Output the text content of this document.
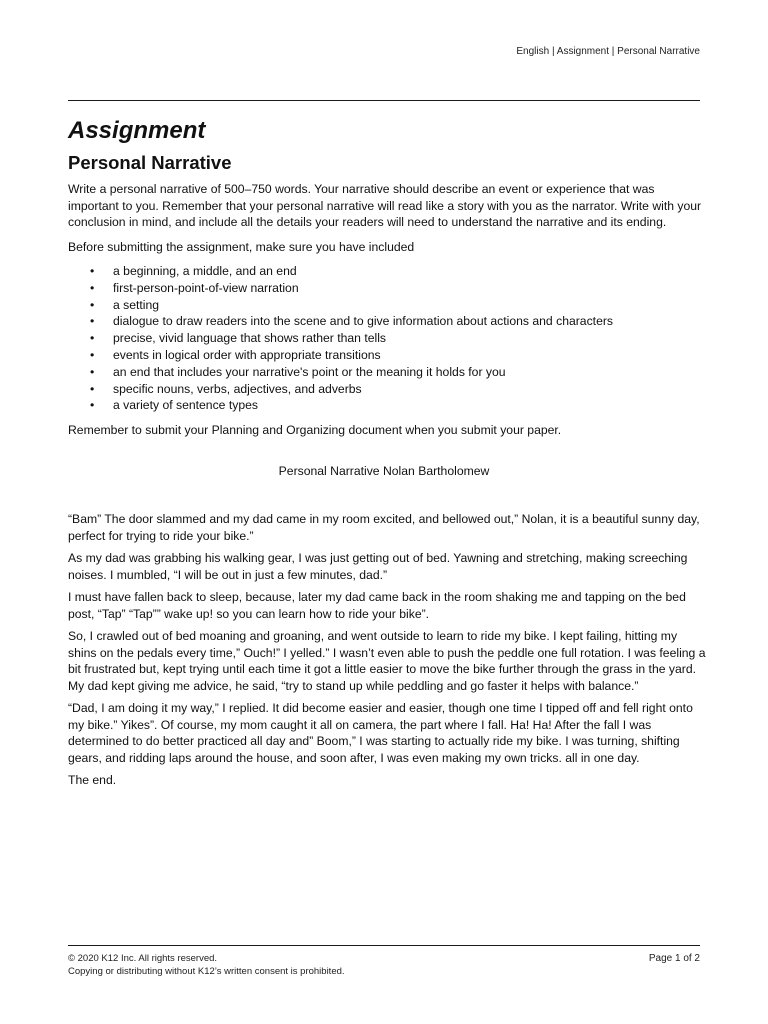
English | Assignment | Personal Narrative
Assignment
Personal Narrative

Write a personal narrative of 500–750 words. Your narrative should describe an event or experience that was important to you. Remember that your personal narrative will read like a story with you as the narrator. Write with your conclusion in mind, and include all the details your readers will need to understand the narrative and its ending.

Before submitting the assignment, make sure you have included

• a beginning, a middle, and an end
• first-person-point-of-view narration
• a setting
• dialogue to draw readers into the scene and to give information about actions and characters
• precise, vivid language that shows rather than tells
• events in logical order with appropriate transitions
• an end that includes your narrative's point or the meaning it holds for you
• specific nouns, verbs, adjectives, and adverbs
• a variety of sentence types

Remember to submit your Planning and Organizing document when you submit your paper.

Personal Narrative Nolan Bartholomew

“Bam” The door slammed and my dad came in my room excited, and bellowed out,” Nolan, it is a beautiful sunny day, perfect for trying to ride your bike.”

As my dad was grabbing his walking gear, I was just getting out of bed. Yawning and stretching, making screeching noises. I mumbled, “I will be out in just a few minutes, dad.”

I must have fallen back to sleep, because, later my dad came back in the room shaking me and tapping on the bed post, “Tap” “Tap”” wake up! so you can learn how to ride your bike”.

So, I crawled out of bed moaning and groaning, and went outside to learn to ride my bike. I kept failing, hitting my shins on the pedals every time,” Ouch!” I yelled.” I wasn’t even able to push the peddle one full rotation. I was feeling a bit frustrated but, kept trying until each time it got a little easier to move the bike further through the grass in the yard. My dad kept giving me advice, he said, “try to stand up while peddling and go faster it helps with balance.”

“Dad, I am doing it my way,” I replied. It did become easier and easier, though one time I tipped off and fell right onto my bike.” Yikes”. Of course, my mom caught it all on camera, the part where I fall. Ha! Ha! After the fall I was determined to do better practiced all day and” Boom,” I was starting to actually ride my bike. I was turning, shifting gears, and ridding laps around the house, and soon after, I was even making my own tricks. all in one day.

The end.

© 2020 K12 Inc. All rights reserved.
Copying or distributing without K12’s written consent is prohibited.
Page 1 of 2
